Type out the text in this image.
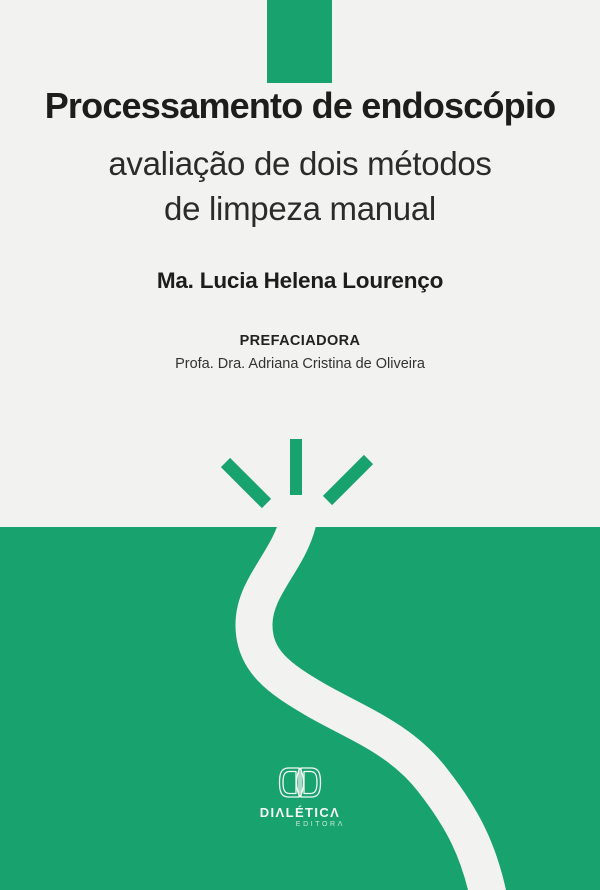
Processamento de endoscópio
avaliação de dois métodos
de limpeza manual
Ma. Lucia Helena Lourenço
PREFACIADORA
Profa. Dra. Adriana Cristina de Oliveira
DIΛLÉTICΛ
EDITORΛ
